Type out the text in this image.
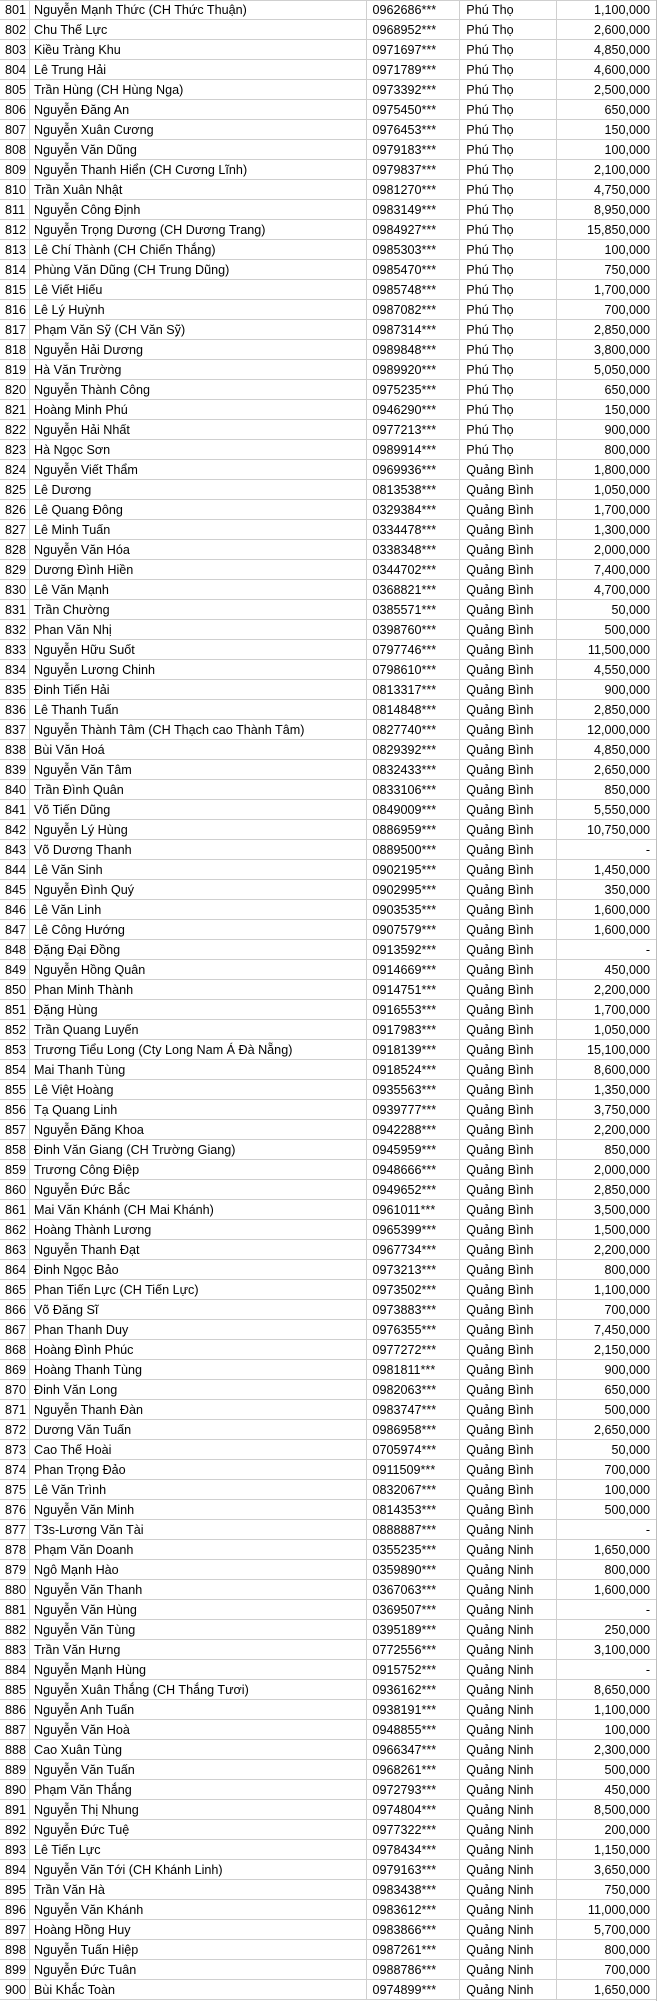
801 Nguyễn Mạnh Thức (CH Thức Thuận)	0962686***	Phú Thọ	1,100,000
802 Chu Thế Lực	0968952***	Phú Thọ	2,600,000
803 Kiều Tràng Khu	0971697***	Phú Thọ	4,850,000
804 Lê Trung Hải	0971789***	Phú Thọ	4,600,000
805 Trần Hùng (CH Hùng Nga)	0973392***	Phú Thọ	2,500,000
806 Nguyễn Đăng An	0975450***	Phú Thọ	650,000
807 Nguyễn Xuân Cương	0976453***	Phú Thọ	150,000
808 Nguyễn Văn Dũng	0979183***	Phú Thọ	100,000
809 Nguyễn Thanh Hiển (CH Cương Lĩnh)	0979837***	Phú Thọ	2,100,000
810 Trần Xuân Nhật	0981270***	Phú Thọ	4,750,000
811 Nguyễn Công Định	0983149***	Phú Thọ	8,950,000
812 Nguyễn Trọng Dương (CH Dương Trang)	0984927***	Phú Thọ	15,850,000
813 Lê Chí Thành (CH Chiến Thắng)	0985303***	Phú Thọ	100,000
814 Phùng Văn Dũng (CH Trung Dũng)	0985470***	Phú Thọ	750,000
815 Lê Viết Hiếu	0985748***	Phú Thọ	1,700,000
816 Lê Lý Huỳnh	0987082***	Phú Thọ	700,000
817 Phạm Văn Sỹ (CH Văn Sỹ)	0987314***	Phú Thọ	2,850,000
818 Nguyễn Hải Dương	0989848***	Phú Thọ	3,800,000
819 Hà Văn Trường	0989920***	Phú Thọ	5,050,000
820 Nguyễn Thành Công	0975235***	Phú Thọ	650,000
821 Hoàng Minh Phú	0946290***	Phú Thọ	150,000
822 Nguyễn Hải Nhất	0977213***	Phú Thọ	900,000
823 Hà Ngọc Sơn	0989914***	Phú Thọ	800,000
824 Nguyễn Viết Thẩm	0969936***	Quảng Bình	1,800,000
825 Lê Dương	0813538***	Quảng Bình	1,050,000
826 Lê Quang Đông	0329384***	Quảng Bình	1,700,000
827 Lê Minh Tuấn	0334478***	Quảng Bình	1,300,000
828 Nguyễn Văn Hóa	0338348***	Quảng Bình	2,000,000
829 Dương Đình Hiền	0344702***	Quảng Bình	7,400,000
830 Lê Văn Mạnh	0368821***	Quảng Bình	4,700,000
831 Trần Chường	0385571***	Quảng Bình	50,000
832 Phan Văn Nhị	0398760***	Quảng Bình	500,000
833 Nguyễn Hữu Suốt	0797746***	Quảng Bình	11,500,000
834 Nguyễn Lương Chinh	0798610***	Quảng Bình	4,550,000
835 Đinh Tiến Hải	0813317***	Quảng Bình	900,000
836 Lê Thanh Tuấn	0814848***	Quảng Bình	2,850,000
837 Nguyễn Thành Tâm (CH Thạch cao Thành Tâm)	0827740***	Quảng Bình	12,000,000
838 Bùi Văn Hoá	0829392***	Quảng Bình	4,850,000
839 Nguyễn Văn Tâm	0832433***	Quảng Bình	2,650,000
840 Trần Đình Quân	0833106***	Quảng Bình	850,000
841 Võ Tiến Dũng	0849009***	Quảng Bình	5,550,000
842 Nguyễn Lý Hùng	0886959***	Quảng Bình	10,750,000
843 Võ Dương Thanh	0889500***	Quảng Bình	-
844 Lê Văn Sinh	0902195***	Quảng Bình	1,450,000
845 Nguyễn Đình Quý	0902995***	Quảng Bình	350,000
846 Lê Văn Linh	0903535***	Quảng Bình	1,600,000
847 Lê Công Hướng	0907579***	Quảng Bình	1,600,000
848 Đặng Đại Đồng	0913592***	Quảng Bình	-
849 Nguyễn Hồng Quân	0914669***	Quảng Bình	450,000
850 Phan Minh Thành	0914751***	Quảng Bình	2,200,000
851 Đặng Hùng	0916553***	Quảng Bình	1,700,000
852 Trần Quang Luyến	0917983***	Quảng Bình	1,050,000
853 Trương Tiểu Long (Cty Long Nam Á Đà Nẵng)	0918139***	Quảng Bình	15,100,000
854 Mai Thanh Tùng	0918524***	Quảng Bình	8,600,000
855 Lê Việt Hoàng	0935563***	Quảng Bình	1,350,000
856 Tạ Quang Linh	0939777***	Quảng Bình	3,750,000
857 Nguyễn Đăng Khoa	0942288***	Quảng Bình	2,200,000
858 Đinh Văn Giang (CH Trường Giang)	0945959***	Quảng Bình	850,000
859 Trương Công Điệp	0948666***	Quảng Bình	2,000,000
860 Nguyễn Đức Bắc	0949652***	Quảng Bình	2,850,000
861 Mai Văn Khánh (CH Mai Khánh)	0961011***	Quảng Bình	3,500,000
862 Hoàng Thành Lương	0965399***	Quảng Bình	1,500,000
863 Nguyễn Thanh Đạt	0967734***	Quảng Bình	2,200,000
864 Đinh Ngọc Bảo	0973213***	Quảng Bình	800,000
865 Phan Tiến Lực (CH Tiến Lực)	0973502***	Quảng Bình	1,100,000
866 Võ Đăng Sĩ	0973883***	Quảng Bình	700,000
867 Phan Thanh Duy	0976355***	Quảng Bình	7,450,000
868 Hoàng Đình Phúc	0977272***	Quảng Bình	2,150,000
869 Hoàng Thanh Tùng	0981811***	Quảng Bình	900,000
870 Đinh Văn Long	0982063***	Quảng Bình	650,000
871 Nguyễn Thanh Đàn	0983747***	Quảng Bình	500,000
872 Dương Văn Tuấn	0986958***	Quảng Bình	2,650,000
873 Cao Thế Hoài	0705974***	Quảng Bình	50,000
874 Phan Trọng Đảo	0911509***	Quảng Bình	700,000
875 Lê Văn Trình	0832067***	Quảng Bình	100,000
876 Nguyễn Văn Minh	0814353***	Quảng Bình	500,000
877 T3s-Lương Văn Tài	0888887***	Quảng Ninh	-
878 Phạm Văn Doanh	0355235***	Quảng Ninh	1,650,000
879 Ngô Mạnh Hào	0359890***	Quảng Ninh	800,000
880 Nguyễn Văn Thanh	0367063***	Quảng Ninh	1,600,000
881 Nguyễn Văn Hùng	0369507***	Quảng Ninh	-
882 Nguyễn Văn Tùng	0395189***	Quảng Ninh	250,000
883 Trần Văn Hưng	0772556***	Quảng Ninh	3,100,000
884 Nguyễn Mạnh Hùng	0915752***	Quảng Ninh	-
885 Nguyễn Xuân Thắng (CH Thắng Tươi)	0936162***	Quảng Ninh	8,650,000
886 Nguyễn Anh Tuấn	0938191***	Quảng Ninh	1,100,000
887 Nguyễn Văn Hoà	0948855***	Quảng Ninh	100,000
888 Cao Xuân Tùng	0966347***	Quảng Ninh	2,300,000
889 Nguyễn Văn Tuấn	0968261***	Quảng Ninh	500,000
890 Phạm Văn Thắng	0972793***	Quảng Ninh	450,000
891 Nguyễn Thị Nhung	0974804***	Quảng Ninh	8,500,000
892 Nguyễn Đức Tuệ	0977322***	Quảng Ninh	200,000
893 Lê Tiến Lực	0978434***	Quảng Ninh	1,150,000
894 Nguyễn Văn Tới (CH Khánh Linh)	0979163***	Quảng Ninh	3,650,000
895 Trần Văn Hà	0983438***	Quảng Ninh	750,000
896 Nguyễn Văn Khánh	0983612***	Quảng Ninh	11,000,000
897 Hoàng Hồng Huy	0983866***	Quảng Ninh	5,700,000
898 Nguyễn Tuấn Hiệp	0987261***	Quảng Ninh	800,000
899 Nguyễn Đức Tuân	0988786***	Quảng Ninh	700,000
900 Bùi Khắc Toàn	0974899***	Quảng Ninh	1,650,000
